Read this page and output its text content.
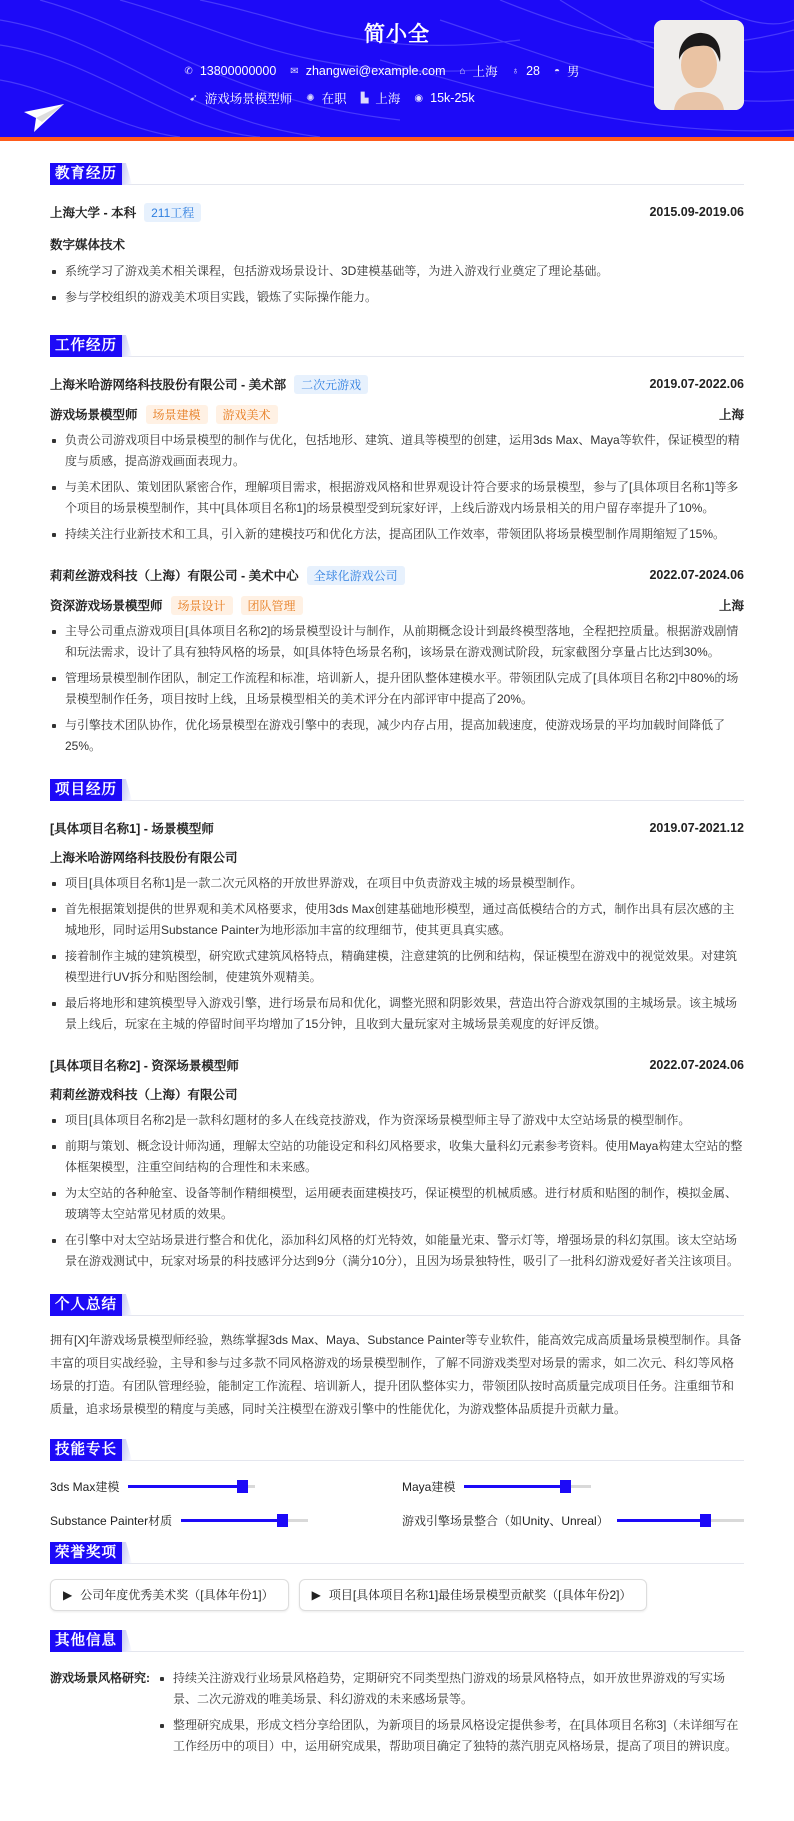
简小全
✆ 13800000000 ✉ zhangwei@example.com ⌂ 上海 ♁ 28 ◓ 男
➹ 游戏场景模型师 ✺ 在职 ▙ 上海 ◉ 15k-25k
教育经历
上海大学 - 本科	211工程	2015.09-2019.06
数字媒体技术
系统学习了游戏美术相关课程，包括游戏场景设计、3D建模基础等，为进入游戏行业奠定了理论基础。
参与学校组织的游戏美术项目实践，锻炼了实际操作能力。
工作经历
上海米哈游网络科技股份有限公司 - 美术部	二次元游戏	2019.07-2022.06
游戏场景模型师	场景建模	游戏美术	上海
负责公司游戏项目中场景模型的制作与优化，包括地形、建筑、道具等模型的创建，运用3ds Max、Maya等软件，保证模型的精度与质感，提高游戏画面表现力。
与美术团队、策划团队紧密合作，理解项目需求，根据游戏风格和世界观设计符合要求的场景模型，参与了[具体项目名称1]等多个项目的场景模型制作，其中[具体项目名称1]的场景模型受到玩家好评，上线后游戏内场景相关的用户留存率提升了10%。
持续关注行业新技术和工具，引入新的建模技巧和优化方法，提高团队工作效率，带领团队将场景模型制作周期缩短了15%。
莉莉丝游戏科技（上海）有限公司 - 美术中心	全球化游戏公司	2022.07-2024.06
资深游戏场景模型师	场景设计	团队管理	上海
主导公司重点游戏项目[具体项目名称2]的场景模型设计与制作，从前期概念设计到最终模型落地，全程把控质量。根据游戏剧情和玩法需求，设计了具有独特风格的场景，如[具体特色场景名称]，该场景在游戏测试阶段，玩家截图分享量占比达到30%。
管理场景模型制作团队，制定工作流程和标准，培训新人，提升团队整体建模水平。带领团队完成了[具体项目名称2]中80%的场景模型制作任务，项目按时上线，且场景模型相关的美术评分在内部评审中提高了20%。
与引擎技术团队协作，优化场景模型在游戏引擎中的表现，减少内存占用，提高加载速度，使游戏场景的平均加载时间降低了25%。
项目经历
[具体项目名称1] - 场景模型师	2019.07-2021.12
上海米哈游网络科技股份有限公司
项目[具体项目名称1]是一款二次元风格的开放世界游戏，在项目中负责游戏主城的场景模型制作。
首先根据策划提供的世界观和美术风格要求，使用3ds Max创建基础地形模型，通过高低模结合的方式，制作出具有层次感的主城地形，同时运用Substance Painter为地形添加丰富的纹理细节，使其更具真实感。
接着制作主城的建筑模型，研究欧式建筑风格特点，精确建模，注意建筑的比例和结构，保证模型在游戏中的视觉效果。对建筑模型进行UV拆分和贴图绘制，使建筑外观精美。
最后将地形和建筑模型导入游戏引擎，进行场景布局和优化，调整光照和阴影效果，营造出符合游戏氛围的主城场景。该主城场景上线后，玩家在主城的停留时间平均增加了15分钟，且收到大量玩家对主城场景美观度的好评反馈。
[具体项目名称2] - 资深场景模型师	2022.07-2024.06
莉莉丝游戏科技（上海）有限公司
项目[具体项目名称2]是一款科幻题材的多人在线竞技游戏，作为资深场景模型师主导了游戏中太空站场景的模型制作。
前期与策划、概念设计师沟通，理解太空站的功能设定和科幻风格要求，收集大量科幻元素参考资料。使用Maya构建太空站的整体框架模型，注重空间结构的合理性和未来感。
为太空站的各种舱室、设备等制作精细模型，运用硬表面建模技巧，保证模型的机械质感。进行材质和贴图的制作，模拟金属、玻璃等太空站常见材质的效果。
在引擎中对太空站场景进行整合和优化，添加科幻风格的灯光特效，如能量光束、警示灯等，增强场景的科幻氛围。该太空站场景在游戏测试中，玩家对场景的科技感评分达到9分（满分10分），且因为场景独特性，吸引了一批科幻游戏爱好者关注该项目。
个人总结

拥有[X]年游戏场景模型师经验，熟练掌握3ds Max、Maya、Substance Painter等专业软件，能高效完成高质量场景模型制作。具备丰富的项目实战经验，主导和参与过多款不同风格游戏的场景模型制作，了解不同游戏类型对场景的需求，如二次元、科幻等风格场景的打造。有团队管理经验，能制定工作流程、培训新人，提升团队整体实力，带领团队按时高质量完成项目任务。注重细节和质量，追求场景模型的精度与美感，同时关注模型在游戏引擎中的性能优化，为游戏整体品质提升贡献力量。

技能专长
3ds Max建模	Maya建模
Substance Painter材质	游戏引擎场景整合（如Unity、Unreal）
荣誉奖项
▶ 公司年度优秀美术奖（[具体年份1]）	▶ 项目[具体项目名称1]最佳场景模型贡献奖（[具体年份2]）
其他信息
游戏场景风格研究:	持续关注游戏行业场景风格趋势，定期研究不同类型热门游戏的场景风格特点，如开放世界游戏的写实场景、二次元游戏的唯美场景、科幻游戏的未来感场景等。
整理研究成果，形成文档分享给团队，为新项目的场景风格设定提供参考，在[具体项目名称3]（未详细写在工作经历中的项目）中，运用研究成果，帮助项目确定了独特的蒸汽朋克风格场景，提高了项目的辨识度。
